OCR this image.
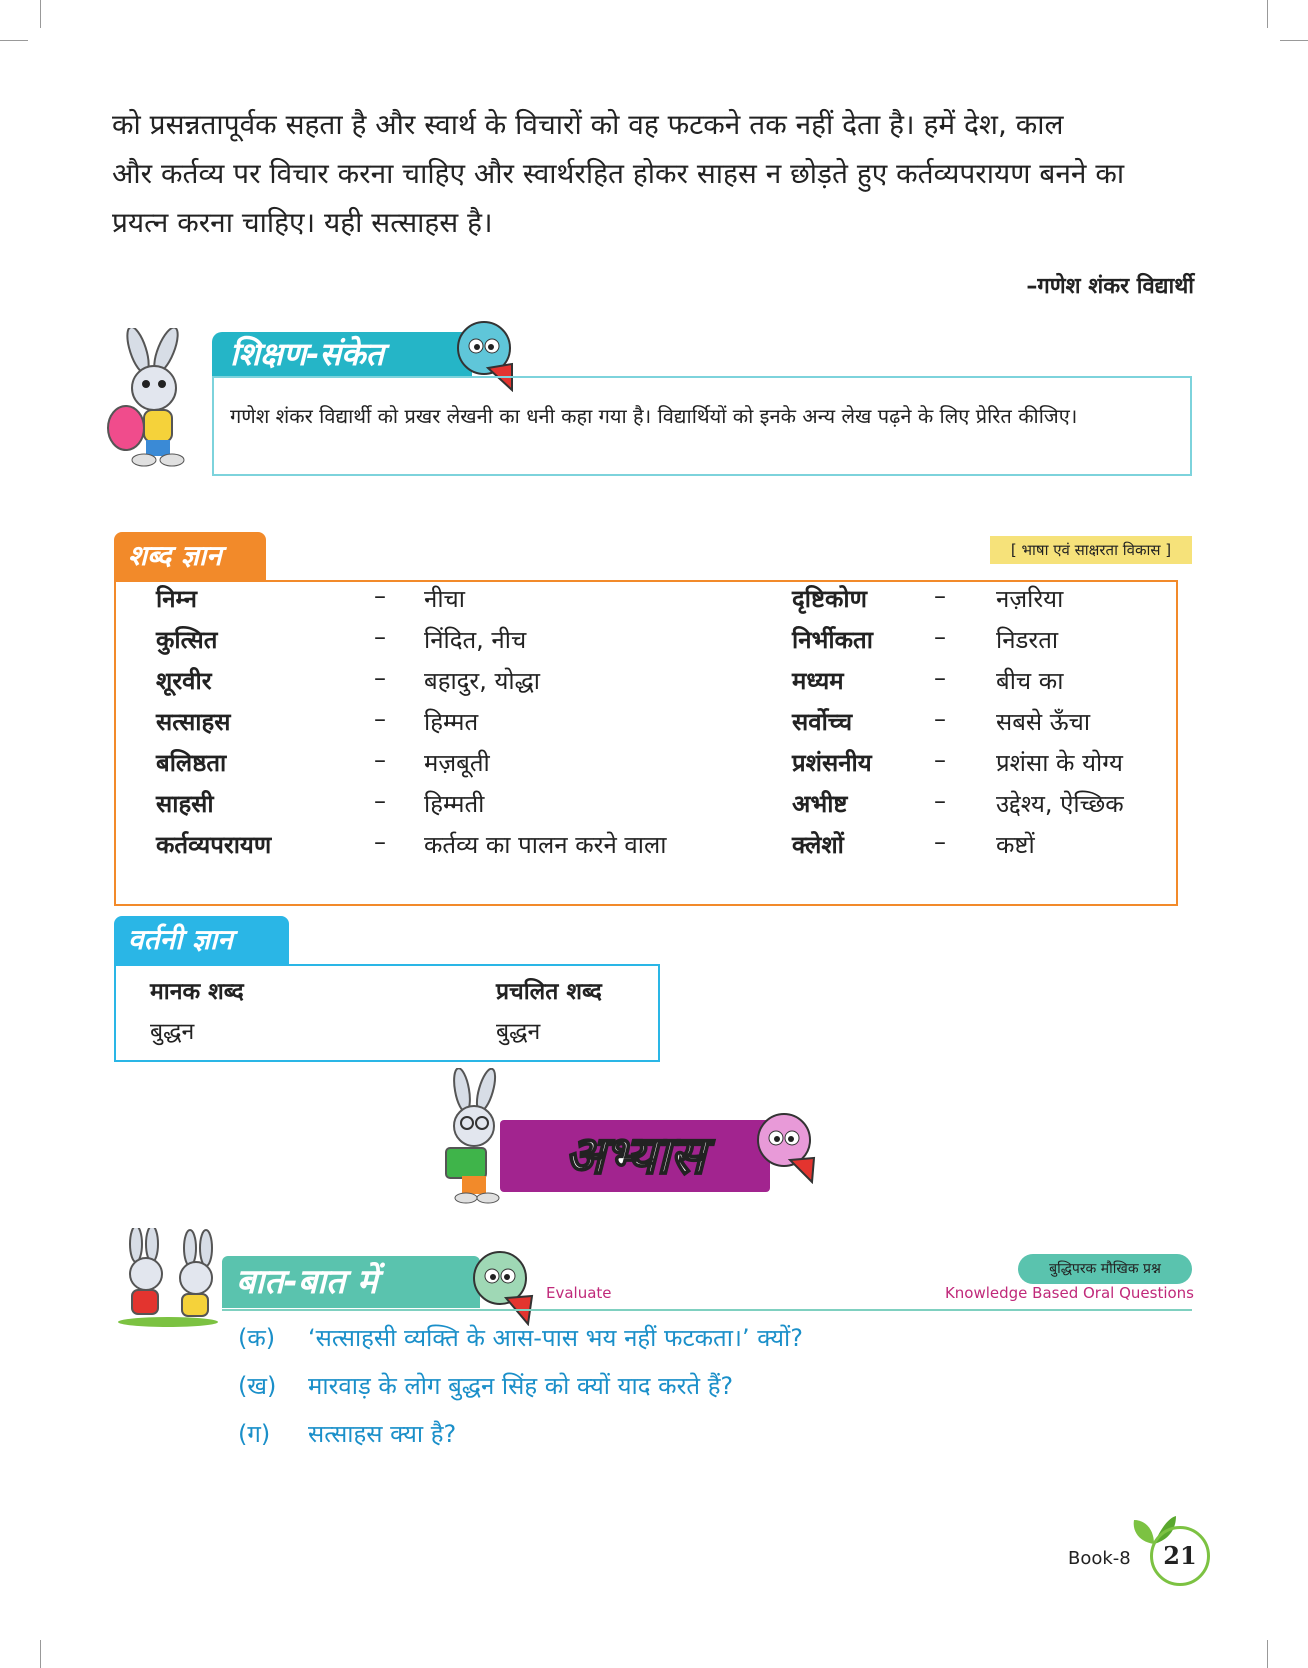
को प्रसन्नतापूर्वक सहता है और स्वार्थ के विचारों को वह फटकने तक नहीं देता है। हमें देश, काल

और कर्तव्य पर विचार करना चाहिए और स्वार्थरहित होकर साहस न छोड़ते हुए कर्तव्यपरायण बनने का

प्रयत्न करना चाहिए। यही सत्साहस है।

–गणेश शंकर विद्यार्थी
शिक्षण-संकेत
गणेश शंकर विद्यार्थी को प्रखर लेखनी का धनी कहा गया है। विद्यार्थियों को इनके अन्य लेख पढ़ने के लिए प्रेरित कीजिए।
शब्द ज्ञान	[ भाषा एवं साक्षरता विकास ]
निम्न	– नीचा
कुत्सित	– निंदित, नीच
शूरवीर	– बहादुर, योद्धा
सत्साहस	– हिम्मत
बलिष्ठता	– मज़बूती
साहसी	– हिम्मती
कर्तव्यपरायण	– कर्तव्य का पालन करने वाला
दृष्टिकोण	– नज़रिया
निर्भीकता	– निडरता
मध्यम	– बीच का
सर्वोच्च	– सबसे ऊँचा
प्रशंसनीय	– प्रशंसा के योग्य
अभीष्ट	– उद्देश्य, ऐच्छिक
क्लेशों	– कष्टों
वर्तनी ज्ञान
मानक शब्द	प्रचलित शब्द
बुद्धन	बुद्धन
अभ्यास
बात-बात में	Evaluate
बुद्धिपरक मौखिक प्रश्न
Knowledge Based Oral Questions
(क) ‘सत्साहसी व्यक्ति के आस-पास भय नहीं फटकता।’ क्यों?
(ख) मारवाड़ के लोग बुद्धन सिंह को क्यों याद करते हैं?
(ग) सत्साहस क्या है?
Book-8	21
